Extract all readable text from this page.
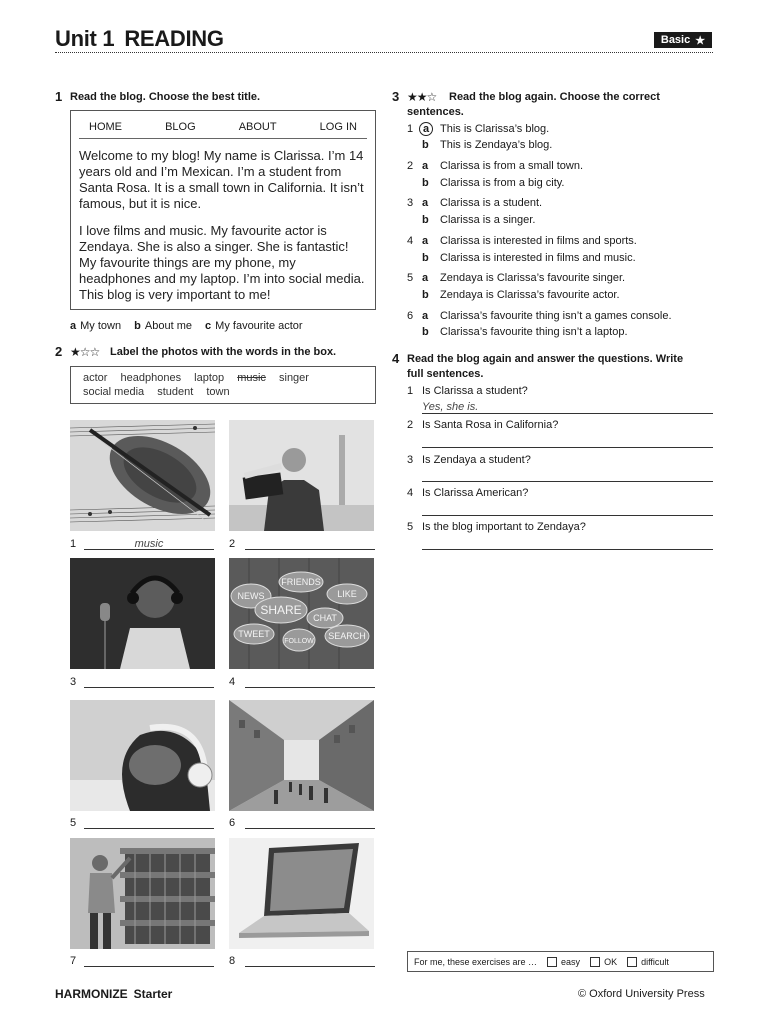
Unit 1 READING	Basic ★
1 Read the blog. Choose the best title.
HOME	BLOG	ABOUT	LOG IN
Welcome to my blog! My name is Clarissa. I’m 14 years old and I’m Mexican. I’m a student from Santa Rosa. It is a small town in California. It isn’t famous, but it is nice.
I love films and music. My favourite actor is Zendaya. She is also a singer. She is fantastic! My favourite things are my phone, my headphones and my laptop. I’m into social media. This blog is very important to me!
a My town b About me c My favourite actor
2 ★☆☆ Label the photos with the words in the box.
actor headphones laptop music singer
social media student town
1	music	2
FRIENDS
LIKE
NEWS
SHARE
CHAT
TWEET
FOLLOW
SEARCH
3	4
5	6
7	8
3 ★★☆ Read the blog again. Choose the correct
sentences.
1 a This is Clarissa’s blog.
b This is Zendaya’s blog.
2 a Clarissa is from a small town.
b Clarissa is from a big city.
3 a Clarissa is a student.
b Clarissa is a singer.
4 a Clarissa is interested in films and sports.
b Clarissa is interested in films and music.
5 a Zendaya is Clarissa’s favourite singer.
b Zendaya is Clarissa’s favourite actor.
6 a Clarissa’s favourite thing isn’t a games console.
b Clarissa’s favourite thing isn’t a laptop.
4 Read the blog again and answer the questions. Write
full sentences.
1 Is Clarissa a student?
Yes, she is.
2 Is Santa Rosa in California?
3 Is Zendaya a student?
4 Is Clarissa American?
5 Is the blog important to Zendaya?
For me, these exercises are …	easy	OK	difficult
HARMONIZE Starter	© Oxford University Press
